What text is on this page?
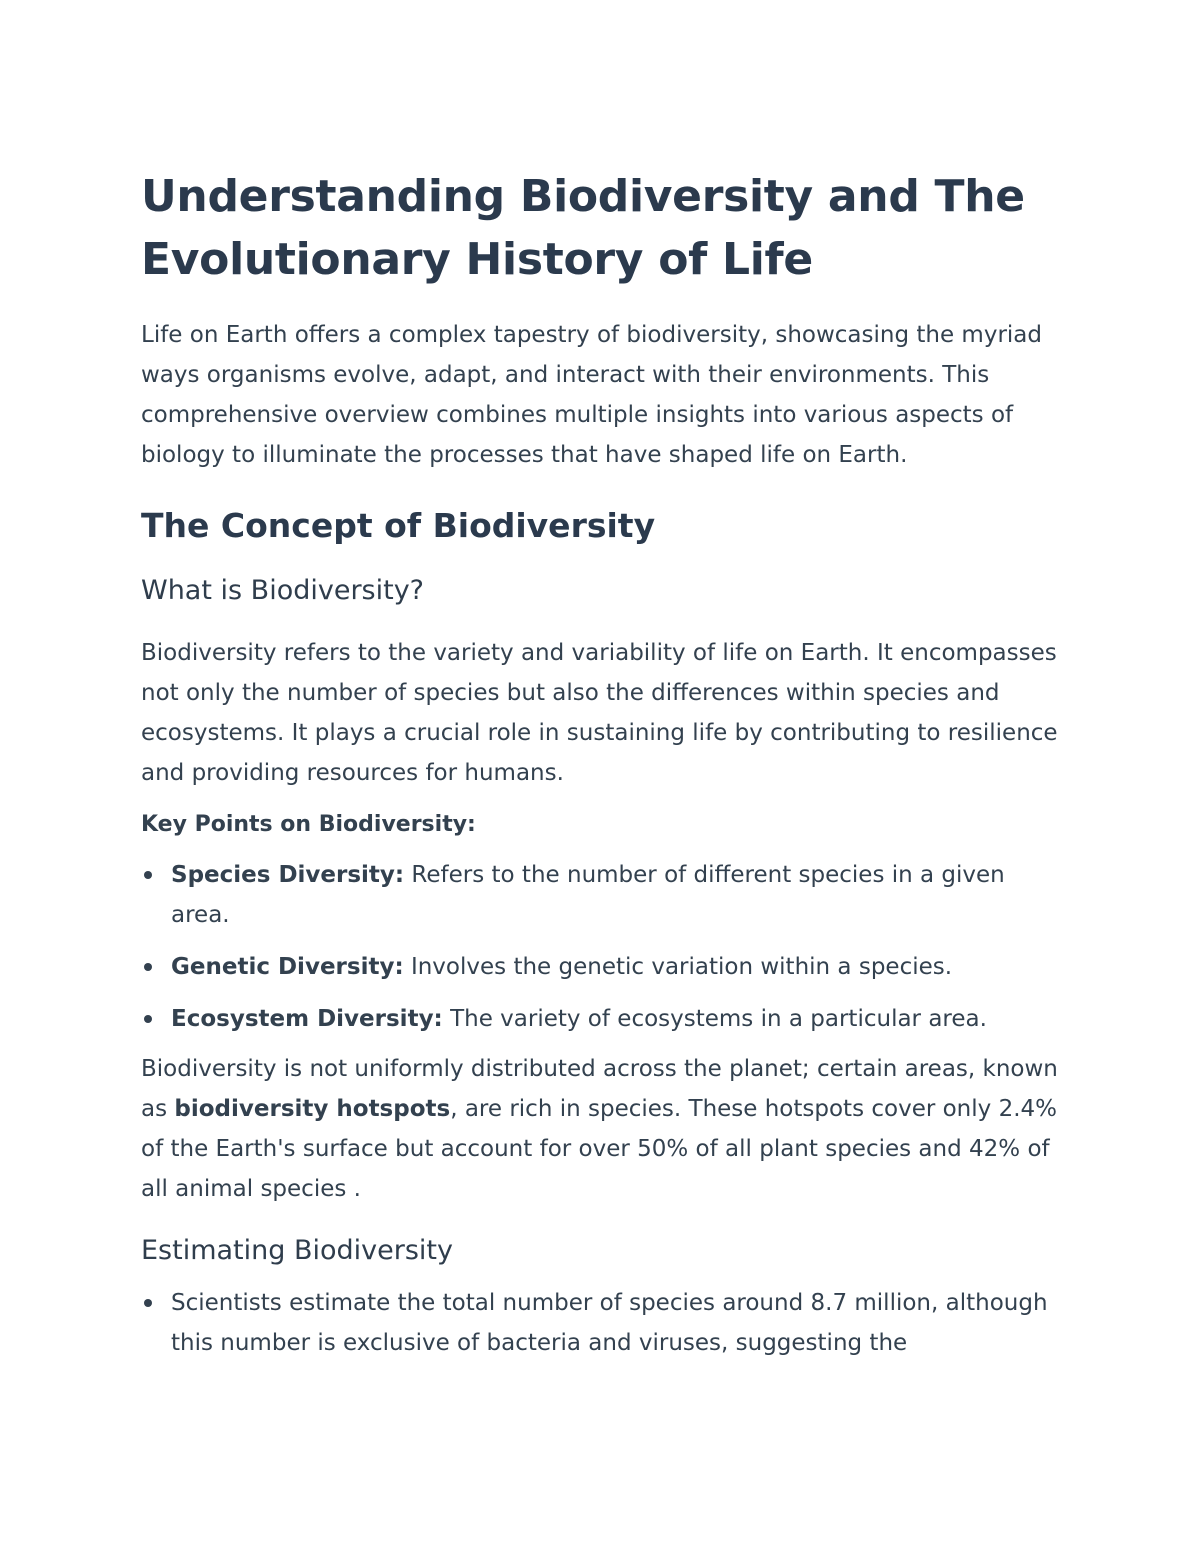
Understanding Biodiversity and The Evolutionary History of Life

Life on Earth offers a complex tapestry of biodiversity, showcasing the myriad ways organisms evolve, adapt, and interact with their environments. This comprehensive overview combines multiple insights into various aspects of biology to illuminate the processes that have shaped life on Earth.

The Concept of Biodiversity
What is Biodiversity?

Biodiversity refers to the variety and variability of life on Earth. It encompasses not only the number of species but also the differences within species and ecosystems. It plays a crucial role in sustaining life by contributing to resilience and providing resources for humans.

Key Points on Biodiversity:

Species Diversity: Refers to the number of different species in a given area.
Genetic Diversity: Involves the genetic variation within a species.
Ecosystem Diversity: The variety of ecosystems in a particular area.

Biodiversity is not uniformly distributed across the planet; certain areas, known as biodiversity hotspots, are rich in species. These hotspots cover only 2.4% of the Earth's surface but account for over 50% of all plant species and 42% of all animal species .

Estimating Biodiversity
Scientists estimate the total number of species around 8.7 million, although this number is exclusive of bacteria and viruses, suggesting the
